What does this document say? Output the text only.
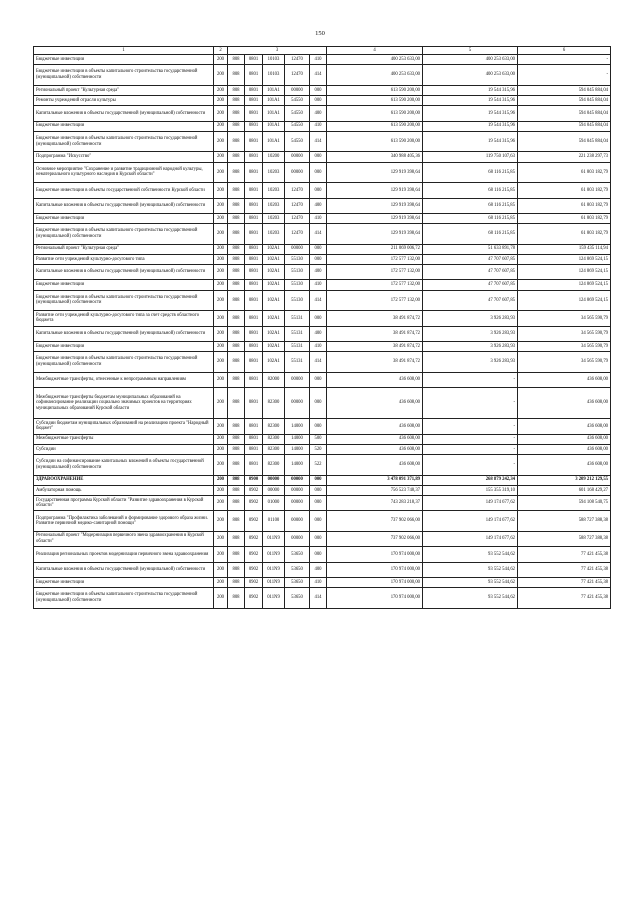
150
1	2	3					4	5	6
Бюджетные инвестиции	200	808	0801	10103	12470	410	400 253 633,00	400 253 633,00	-
Бюджетные инвестиции в объекты капитального строительства государственной (муниципальной) собственности	200	808	0801	10103	12470	414	400 253 633,00	400 253 633,00	-
Региональный проект "Культурная среда"	200	808	0801	101А1	00000	000	613 590 200,00	19 544 315,96	594 045 884,04
Ремонты учреждений отрасли культуры	200	808	0801	101А1	54550	000	613 590 200,00	19 544 315,96	594 045 884,04
Капитальные вложения в объекты государственной (муниципальной) собственности	200	808	0801	101А1	54550	400	613 590 200,00	19 544 315,96	594 045 884,04
Бюджетные инвестиции	200	808	0801	101А1	54550	410	613 590 200,00	19 544 315,96	594 045 884,04
Бюджетные инвестиции в объекты капитального строительства государственной (муниципальной) собственности	200	808	0801	101А1	54550	414	613 590 200,00	19 544 315,96	594 045 884,04
Подпрограмма "Искусство"	200	808	0801	10200	00000	000	340 988 405,36	119 750 107,63	221 238 297,73
Основное мероприятие "Сохранение и развитие традиционной народной культуры, нематериального культурного наследия в Курской области"	200	808	0801	10203	00000	000	129 919 398,64	68 116 215,85	61 803 182,79
Бюджетные инвестиции в объекты государственной собственности Курской области	200	808	0801	10203	12470	000	129 919 398,64	68 116 215,85	61 803 182,79
Капитальные вложения в объекты государственной (муниципальной) собственности	200	808	0801	10203	12470	400	129 919 398,64	68 116 215,85	61 803 182,79
Бюджетные инвестиции	200	808	0801	10203	12470	410	129 919 398,64	68 116 215,85	61 803 182,79
Бюджетные инвестиции в объекты капитального строительства государственной (муниципальной) собственности	200	808	0801	10203	12470	414	129 919 398,64	68 116 215,85	61 803 182,79
Региональный проект "Культурная среда"	200	808	0801	102А1	00000	000	211 069 006,72	51 633 891,78	159 435 114,94
Развитие сети учреждений культурно-досугового типа	200	808	0801	102А1	55130	000	172 577 132,00	47 707 607,85	124 869 524,15
Капитальные вложения в объекты государственной (муниципальной) собственности	200	808	0801	102А1	55130	400	172 577 132,00	47 707 607,85	124 869 524,15
Бюджетные инвестиции	200	808	0801	102А1	55130	410	172 577 132,00	47 707 607,85	124 869 524,15
Бюджетные инвестиции в объекты капитального строительства государственной (муниципальной) собственности	200	808	0801	102А1	55130	414	172 577 132,00	47 707 607,85	124 869 524,15
Развитие сети учреждений культурно-досугового типа за счет средств областного бюджета	200	808	0801	102А1	55131	000	38 491 874,72	3 926 283,93	34 565 590,79
Капитальные вложения в объекты государственной (муниципальной) собственности	200	808	0801	102А1	55131	400	38 491 874,72	3 926 283,93	34 565 590,79
Бюджетные инвестиции	200	808	0801	102А1	55131	410	38 491 874,72	3 926 283,93	34 565 590,79
Бюджетные инвестиции в объекты капитального строительства государственной (муниципальной) собственности	200	808	0801	102А1	55131	414	38 491 874,72	3 926 283,93	34 565 590,79
Межбюджетные трансферты, отнесенные к непрограммным направлениям	200	808	0801	82000	00000	000	436 608,00	-	436 608,00
Межбюджетные трансферты бюджетам муниципальных образований на софинансирование реализации социально значимых проектов на территориях муниципальных образований Курской области	200	808	0801	82300	00000	000	436 608,00	-	436 608,00
Субсидии бюджетам муниципальных образований на реализацию проекта "Народный бюджет"	200	808	0801	82300	14000	000	436 608,00	-	436 608,00
Межбюджетные трансферты	200	808	0801	82300	14000	500	436 608,00	-	436 608,00
Субсидии	200	808	0801	82300	14000	520	436 608,00	-	436 608,00
Субсидии на софинансирование капитальных вложений в объекты государственной (муниципальной) собственности	200	808	0801	82300	14000	522	436 608,00	-	436 608,00
ЗДРАВООХРАНЕНИЕ	200	808	0900	00000	00000	000	3 478 091 371,89	268 879 242,34	3 209 212 129,55
Амбулаторная помощь	200	808	0902	00000	00000	000	756 523 748,37	155 355 319,10	601 168 429,27
Государственная программа Курской области "Развитие здравоохранения в Курской области"	200	808	0902	01000	00000	000	743 283 218,37	149 174 677,62	594 108 540,75
Подпрограмма "Профилактика заболеваний и формирование здорового образа жизни. Развитие первичной медико-санитарной помощи"	200	808	0902	01100	00000	000	737 902 066,00	149 174 677,62	588 727 388,38
Региональный проект "Модернизация первичного звена здравоохранения в Курской области"	200	808	0902	011N9	00000	000	737 902 066,00	149 174 677,62	588 727 388,38
Реализация региональных проектов модернизации первичного звена здравоохранения	200	808	0902	011N9	53650	000	170 974 000,00	93 552 544,62	77 421 455,38
Капитальные вложения в объекты государственной (муниципальной) собственности	200	808	0902	011N9	53650	400	170 974 000,00	93 552 544,62	77 421 455,38
Бюджетные инвестиции	200	808	0902	011N9	53650	410	170 974 000,00	93 552 544,62	77 421 455,38
Бюджетные инвестиции в объекты капитального строительства государственной (муниципальной) собственности	200	808	0902	011N9	53650	414	170 974 000,00	93 552 544,62	77 421 455,38
